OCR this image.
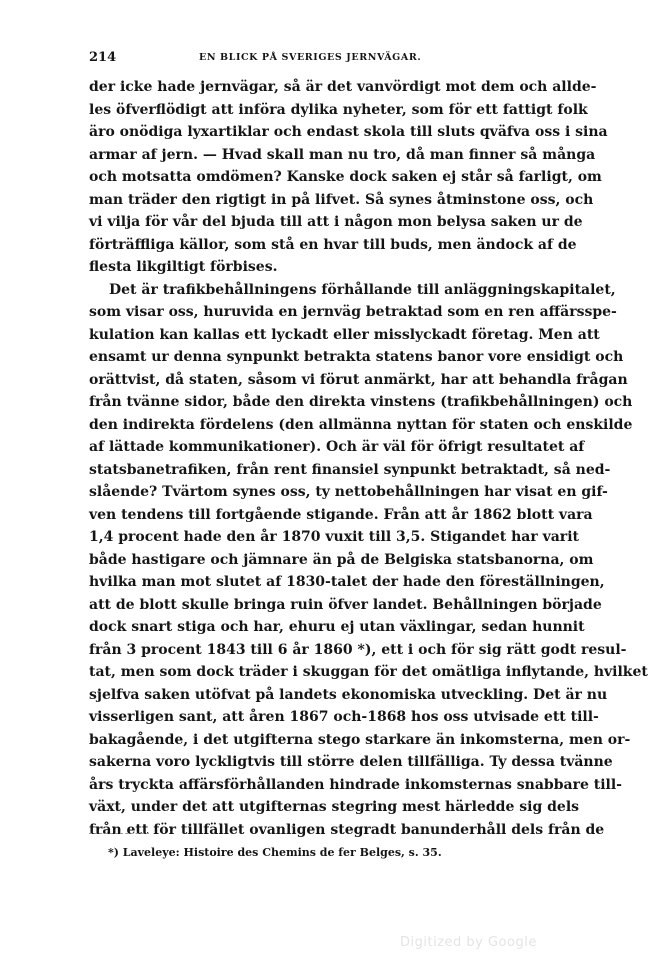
214	EN BLICK PÅ SVERIGES JERNVÄGAR.
der icke hade jernvägar, så är det vanvördigt mot dem och allde-
les öfverflödigt att införa dylika nyheter, som för ett fattigt folk
äro onödiga lyxartiklar och endast skola till sluts qväfva oss i sina
armar af jern. — Hvad skall man nu tro, då man finner så många
och motsatta omdömen? Kanske dock saken ej står så farligt, om
man träder den rigtigt in på lifvet. Så synes åtminstone oss, och
vi vilja för vår del bjuda till att i någon mon belysa saken ur de
förträffliga källor, som stå en hvar till buds, men ändock af de
flesta likgiltigt förbises.
Det är trafikbehållningens förhållande till anläggningskapitalet,
som visar oss, huruvida en jernväg betraktad som en ren affärsspe-
kulation kan kallas ett lyckadt eller misslyckadt företag. Men att
ensamt ur denna synpunkt betrakta statens banor vore ensidigt och
orättvist, då staten, såsom vi förut anmärkt, har att behandla frågan
från tvänne sidor, både den direkta vinstens (trafikbehållningen) och
den indirekta fördelens (den allmänna nyttan för staten och enskilde
af lättade kommunikationer). Och är väl för öfrigt resultatet af
statsbanetrafiken, från rent finansiel synpunkt betraktadt, så ned-
slående? Tvärtom synes oss, ty nettobehållningen har visat en gif-
ven tendens till fortgående stigande. Från att år 1862 blott vara
1,4 procent hade den år 1870 vuxit till 3,5. Stigandet har varit
både hastigare och jämnare än på de Belgiska statsbanorna, om
hvilka man mot slutet af 1830-talet der hade den föreställningen,
att de blott skulle bringa ruin öfver landet. Behållningen började
dock snart stiga och har, ehuru ej utan växlingar, sedan hunnit
från 3 procent 1843 till 6 år 1860 *), ett i och för sig rätt godt resul-
tat, men som dock träder i skuggan för det omätliga inflytande, hvilket
sjelfva saken utöfvat på landets ekonomiska utveckling. Det är nu
visserligen sant, att åren 1867 och-1868 hos oss utvisade ett till-
bakagående, i det utgifterna stego starkare än inkomsterna, men or-
sakerna voro lyckligtvis till större delen tillfälliga. Ty dessa tvänne
års tryckta affärsförhållanden hindrade inkomsternas snabbare till-
växt, under det att utgifternas stegring mest härledde sig dels
från ett för tillfället ovanligen stegradt banunderhåll dels från de
*) Laveleye: Histoire des Chemins de fer Belges, s. 35.
Digitized by Google
